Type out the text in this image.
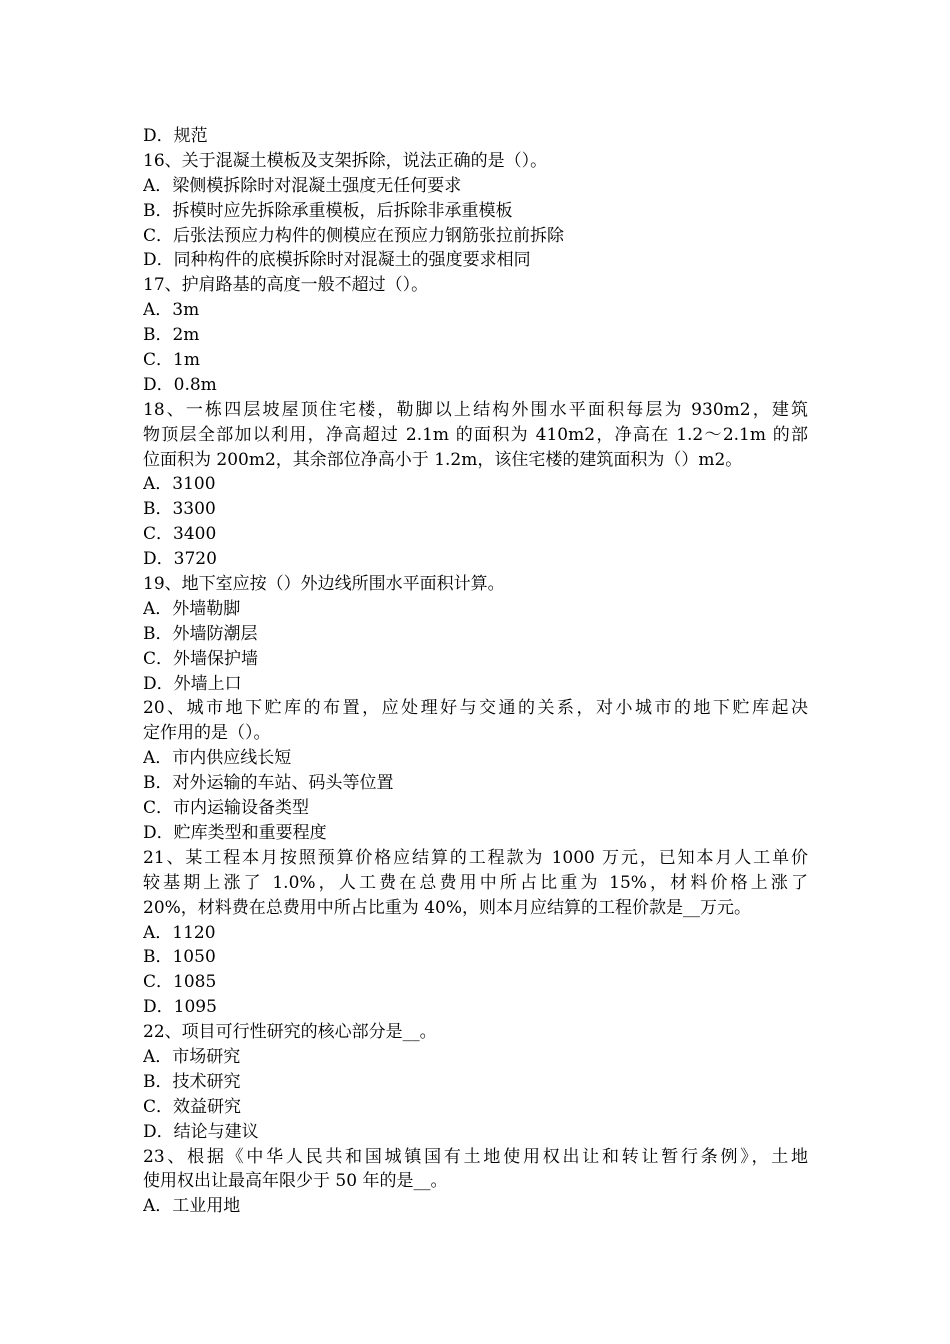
D．规范
16、关于混凝土模板及支架拆除，说法正确的是（）。
A．梁侧模拆除时对混凝土强度无任何要求
B．拆模时应先拆除承重模板，后拆除非承重模板
C．后张法预应力构件的侧模应在预应力钢筋张拉前拆除
D．同种构件的底模拆除时对混凝土的强度要求相同
17、护肩路基的高度一般不超过（）。
A．3m
B．2m
C．1m
D．0.8m
18、一栋四层坡屋顶住宅楼，勒脚以上结构外围水平面积每层为 930m2，建筑
物顶层全部加以利用，净高超过 2.1m 的面积为 410m2，净高在 1.2～2.1m 的部
位面积为 200m2，其余部位净高小于 1.2m，该住宅楼的建筑面积为（）m2。
A．3100
B．3300
C．3400
D．3720
19、地下室应按（）外边线所围水平面积计算。
A．外墙勒脚
B．外墙防潮层
C．外墙保护墙
D．外墙上口
20、城市地下贮库的布置，应处理好与交通的关系，对小城市的地下贮库起决
定作用的是（）。
A．市内供应线长短
B．对外运输的车站、码头等位置
C．市内运输设备类型
D．贮库类型和重要程度
21、某工程本月按照预算价格应结算的工程款为 1000 万元，已知本月人工单价
较基期上涨了 1.0%，人工费在总费用中所占比重为 15%，材料价格上涨了
20%，材料费在总费用中所占比重为 40%，则本月应结算的工程价款是__万元。
A．1120
B．1050
C．1085
D．1095
22、项目可行性研究的核心部分是__。
A．市场研究
B．技术研究
C．效益研究
D．结论与建议
23、根据《中华人民共和国城镇国有土地使用权出让和转让暂行条例》，土地
使用权出让最高年限少于 50 年的是__。
A．工业用地
